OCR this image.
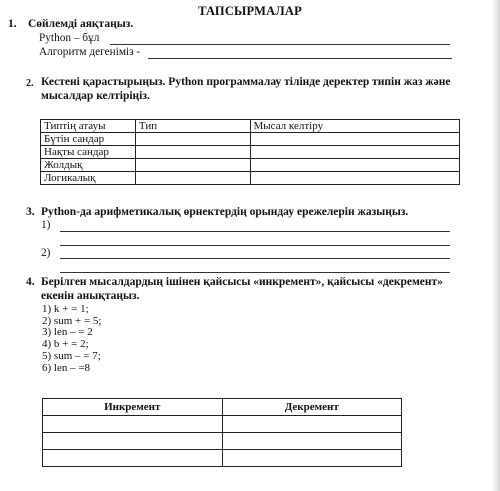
ТАПСЫРМАЛАР
1. Сөйлемді аяқтаңыз.
Python – бұл
Алгоритм дегеніміз -
2. Кестені қарастырыңыз. Python программалау тілінде деректер типін жаз және
мысалдар келтіріңіз.
Типтің атауы	Тип	Мысал келтіру
Бүтін сандар		
Нақты сандар		
Жолдық		
Логикалық		
3. Python-да арифметикалық өрнектердің орындау ережелерін жазыңыз.
1)
2)
4. Берілген мысалдардың ішінен қайсысы «инкремент», қайсысы «декремент»
екенін анықтаңыз.
1) k + = 1;
2) sum + = 5;
3) len – = 2
4) b + = 2;
5) sum – = 7;
6) len – =8
Инкремент	Декремент
